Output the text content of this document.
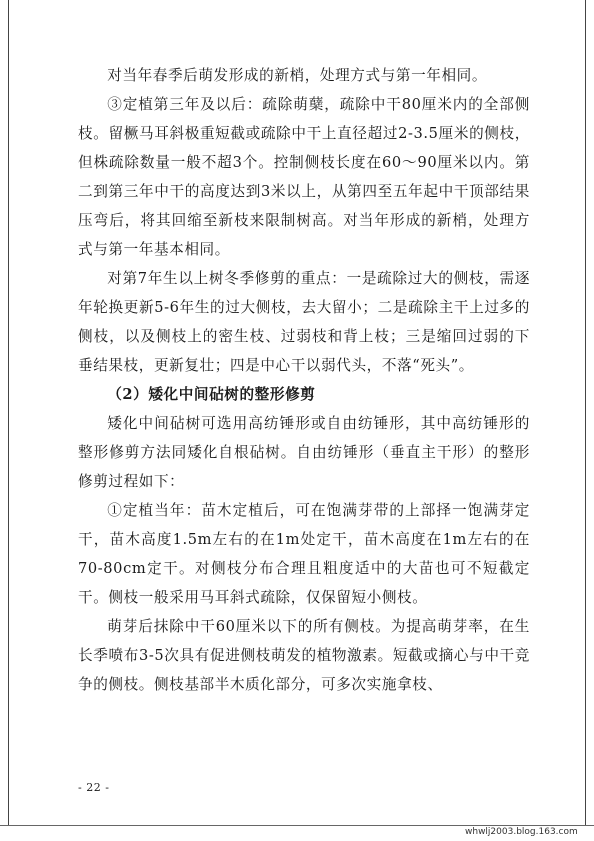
对当年春季后萌发形成的新梢，处理方式与第一年相同。

③定植第三年及以后：疏除萌蘖，疏除中干80厘米内的全部侧枝。留橛马耳斜极重短截或疏除中干上直径超过2-3.5厘米的侧枝，但株疏除数量一般不超3个。控制侧枝长度在60～90厘米以内。第二到第三年中干的高度达到3米以上，从第四至五年起中干顶部结果压弯后，将其回缩至新枝来限制树高。对当年形成的新梢，处理方式与第一年基本相同。

对第7年生以上树冬季修剪的重点：一是疏除过大的侧枝，需逐年轮换更新5-6年生的过大侧枝，去大留小；二是疏除主干上过多的侧枝，以及侧枝上的密生枝、过弱枝和背上枝；三是缩回过弱的下垂结果枝，更新复壮；四是中心干以弱代头，不落“死头”。

（2）矮化中间砧树的整形修剪

矮化中间砧树可选用高纺锤形或自由纺锤形，其中高纺锤形的整形修剪方法同矮化自根砧树。自由纺锤形（垂直主干形）的整形修剪过程如下：

①定植当年：苗木定植后，可在饱满芽带的上部择一饱满芽定干，苗木高度1.5m左右的在1m处定干，苗木高度在1m左右的在70-80cm定干。对侧枝分布合理且粗度适中的大苗也可不短截定干。侧枝一般采用马耳斜式疏除，仅保留短小侧枝。

萌芽后抹除中干60厘米以下的所有侧枝。为提高萌芽率，在生长季喷布3-5次具有促进侧枝萌发的植物激素。短截或摘心与中干竞争的侧枝。侧枝基部半木质化部分，可多次实施拿枝、

- 22 -
whwlj2003.blog.163.com
